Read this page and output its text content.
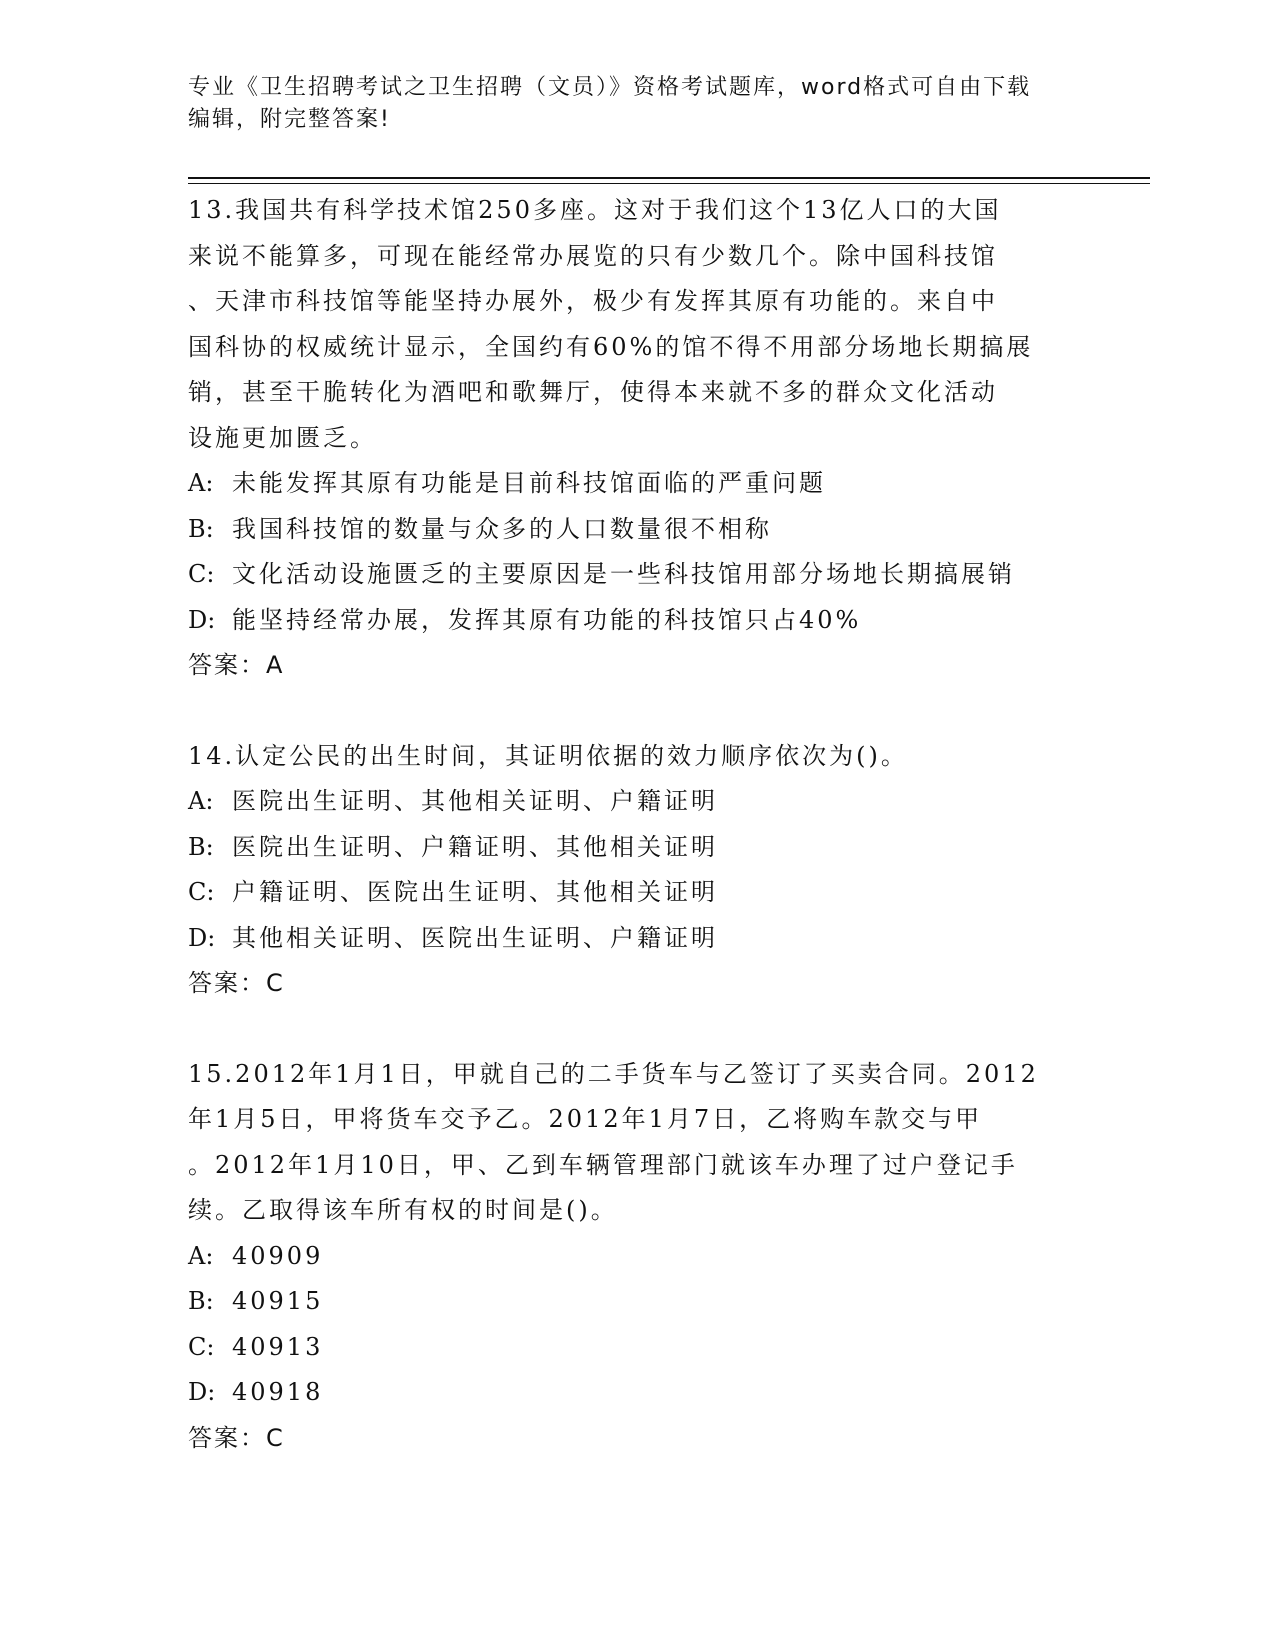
专业《卫生招聘考试之卫生招聘（文员）》资格考试题库，word格式可自由下载
编辑，附完整答案!

13.我国共有科学技术馆250多座。这对于我们这个13亿人口的大国

来说不能算多，可现在能经常办展览的只有少数几个。除中国科技馆

、天津市科技馆等能坚持办展外，极少有发挥其原有功能的。来自中

国科协的权威统计显示，全国约有60%的馆不得不用部分场地长期搞展

销，甚至干脆转化为酒吧和歌舞厅，使得本来就不多的群众文化活动

设施更加匮乏。

A: 未能发挥其原有功能是目前科技馆面临的严重问题

B: 我国科技馆的数量与众多的人口数量很不相称

C: 文化活动设施匮乏的主要原因是一些科技馆用部分场地长期搞展销

D: 能坚持经常办展，发挥其原有功能的科技馆只占40%

答案：A

14.认定公民的出生时间，其证明依据的效力顺序依次为()。

A: 医院出生证明、其他相关证明、户籍证明

B: 医院出生证明、户籍证明、其他相关证明

C: 户籍证明、医院出生证明、其他相关证明

D: 其他相关证明、医院出生证明、户籍证明

答案：C

15.2012年1月1日，甲就自己的二手货车与乙签订了买卖合同。2012

年1月5日，甲将货车交予乙。2012年1月7日，乙将购车款交与甲

。2012年1月10日，甲、乙到车辆管理部门就该车办理了过户登记手

续。乙取得该车所有权的时间是()。

A: 40909

B: 40915

C: 40913

D: 40918

答案：C
